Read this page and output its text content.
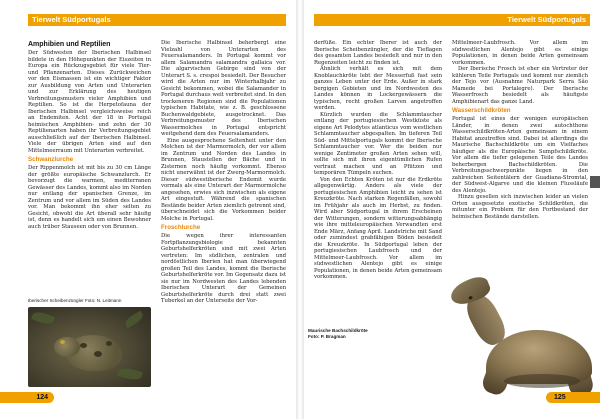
Tierwelt Südportugals
Amphibien und Reptilien

Der Südwesten der Iberischen Halbinsel bildete in den Höhepunkten der Eiszeiten in Europa ein Rückzugsgebiet für viele Tier- und Pflanzenarten. Dieses Zurückweichen vor den Eismassen ist ein wichtiger Faktor zur Ausbildung von Arten und Unterarten und zur Erklärung des heutigen Verbreitungsmusters vieler Amphibien und Reptilien. So ist die Herpetofauna der Iberischen Halbinsel vergleichsweise reich an Endemiten. Acht der 18 in Portugal heimischen Amphibien- und zehn der 30 Reptilienarten haben ihr Verbreitungsgebiet ausschließlich auf der Iberischen Halbinsel. Viele der übrigen Arten sind auf den Mittelmeerraum mit Unterarten verbreitet.

Schwanzlurche

Der Rippenmolch ist mit bis zu 30 cm Länge der größte europäische Schwanzlurch. Er bevorzugt die warmen, mediterranen Gewässer des Landes, kommt also im Norden nur entlang der spanischen Grenze, im Zentrum und vor allem im Süden des Landes vor. Man bekommt ihn eher selten zu Gesicht, obwohl die Art überall sehr häufig ist, denn es handelt sich um einen Bewohner auch trüber Stauseen oder von Brunnen.

Iberischer Scheibenzüngler Foto: N. Leitmann

Die Iberische Halbinsel beherbergt eine Vielzahl von Unterarten des Feuersalamanders. In Portugal kommt vor allem Salamandra salamandra gallaica vor. Die algarvischen Gebirge sind von der Unterart S. s. crespoi besiedelt. Der Besucher wird die Arten nur im Winterhalbjahr zu Gesicht bekommen, wobei die Salamander in Portugal durchaus weit verbreitet sind. In den trockeneren Regionen sind die Populationen typischen Habitate, wie z. B. geschlossene Buchenwaldgebiete, ausgetrocknet. Das Verbreitungsmuster des Iberischen Wassermolches in Portugal entspricht weitgehend dem des Feuersalamanders.

Eine ausgesprochene Seltenheit unter den Molchen ist der Marmormolch, der vor allem im Zentrum und Norden des Landes in Brunnen, Staustellen der Bäche und in Zisternen noch häufig vorkommt. Ebenso nicht unerwähnt ist der Zwerg-Marmormolch. Dieser südwestiberische Endemit wurde vormals als eine Unterart der Marmormolche angesehen, erwies sich inzwischen als eigene Art eingestuft. Während die spanischen Bestände beider Arten ziemlich getrennt sind, überschneidet sich die Vorkommen beider Molche in Portugal.

Froschlurche

Die wegen ihrer interessanten Fortpflanzungsbiologie bekannten Geburtshelferkröten sind mit zwei Arten vertreten: Im südlichen, zentralen und nordöstlichen Iberien hat man überwiegend großen Teil des Landes, kommt die Iberische Geburtshelferkröte vor. Im Gegensatz dazu ist sie nur im Nordwesten des Landes lebenden Iberischen Unterart der Gemeinen Geburtshelferkröte durch drei statt zwei Tuberkel an der Unterseite der Vor-

124
Tierwelt Südportugals

derfüße. Ein echter Iberer ist auch der Iberische Scheibenzüngler, der die Tieflagen des gesamten Landes besiedelt und nur in den Regenzeiten leicht zu finden ist.

Ähnlich verhält es sich mit dem Knoblauchkröte lebt der Messerfuß fast sein ganzes Leben unter der Erde. Außer in stark bergigen Gebieten und im Nordwesten des Landes können in Lockergewässern die typischen, recht großen Larven angetroffen werden.

Kürzlich wurden die Schlammtaucher entlang der portugiesischen Westküste als eigene Art Pelodytes atlanticus vom westlichen Schlammtaucher abgespalten. Im tieferen Teil Süd- und Mittelportugals kommt der Iberische Schlammtaucher vor. Wer die beiden nur wenige Zentimeter großen Arten sehen will, sollte sich mit ihren eigentümlichen Rufen vertraut machen und an Pfützen und temporären Tümpeln suchen.

Von den Echten Kröten ist nur die Erdkröte allgegenwärtig. Anders als viele der portugiesischen Amphibien leicht zu sehen ist Kreuzkröte. Nach starken Regenfällen, sowohl im Frühjahr als auch im Herbst, zu finden. Wird aber Südportugal in ihrem Erscheinen der Witterungen, sondern witterungsabhängig wie ihre mitteleuropäischen Verwandten erst Ende März, Anfang April. Landstriche mit Sand oder zumindest grabfähigen Böden besiedelt die Kreuzkröte. In Südportugal leben der portugiesischen Laubfrosch und der Mittelmeer-Laubfrosch. Vor allem im südwestlichen Alentejo gibt es einige Populationen, in denen beide Arten gemeinsam vorkommen.

Mittelmeer-Laubfrosch. Vor allem im südwestlichen Alentejo gibt es einige Populationen, in denen beide Arten gemeinsam vorkommen.

Der Iberische Frosch ist eher ein Vertreter der kühleren Teile Portugals und kommt nur ziemlich der Tejo vor (Ausnahme Naturpark Serra São Mamede bei Portalegre). Der Iberische Wasserfrosch besiedelt als häufigste Amphibienart das ganze Land.

Wasserschildkröten

Portugal ist eines der wenigen europäischen Länder, in denen zwei autochthone Wasserschildkröten-Arten gemeinsam in einem Habitat anzutreffen sind. Dabei ist allerdings die Maurische Bachschildkröte um ein Vielfaches häufiger als die Europäische Sumpfschildkröte. Vor allem die tiefer gelegenen Teile des Landes beherbergen Bachschildkröten. Die Verbreitungsschwerpunkte liegen in den zahlreichen Seitentälern der Guadiana-Stromtal, der Südwest-Algarve und die kleinen Flussläufe des Alentejo.

Hinzu gesellen sich inzwischen leider an vielen Orten ausgesetzte exotische Schildkröten, die mitunter ein Problem für den Fortbestand der heimischen Bestände darstellen.

Maurische Bachschildkröte Foto: P. Bragman
125
